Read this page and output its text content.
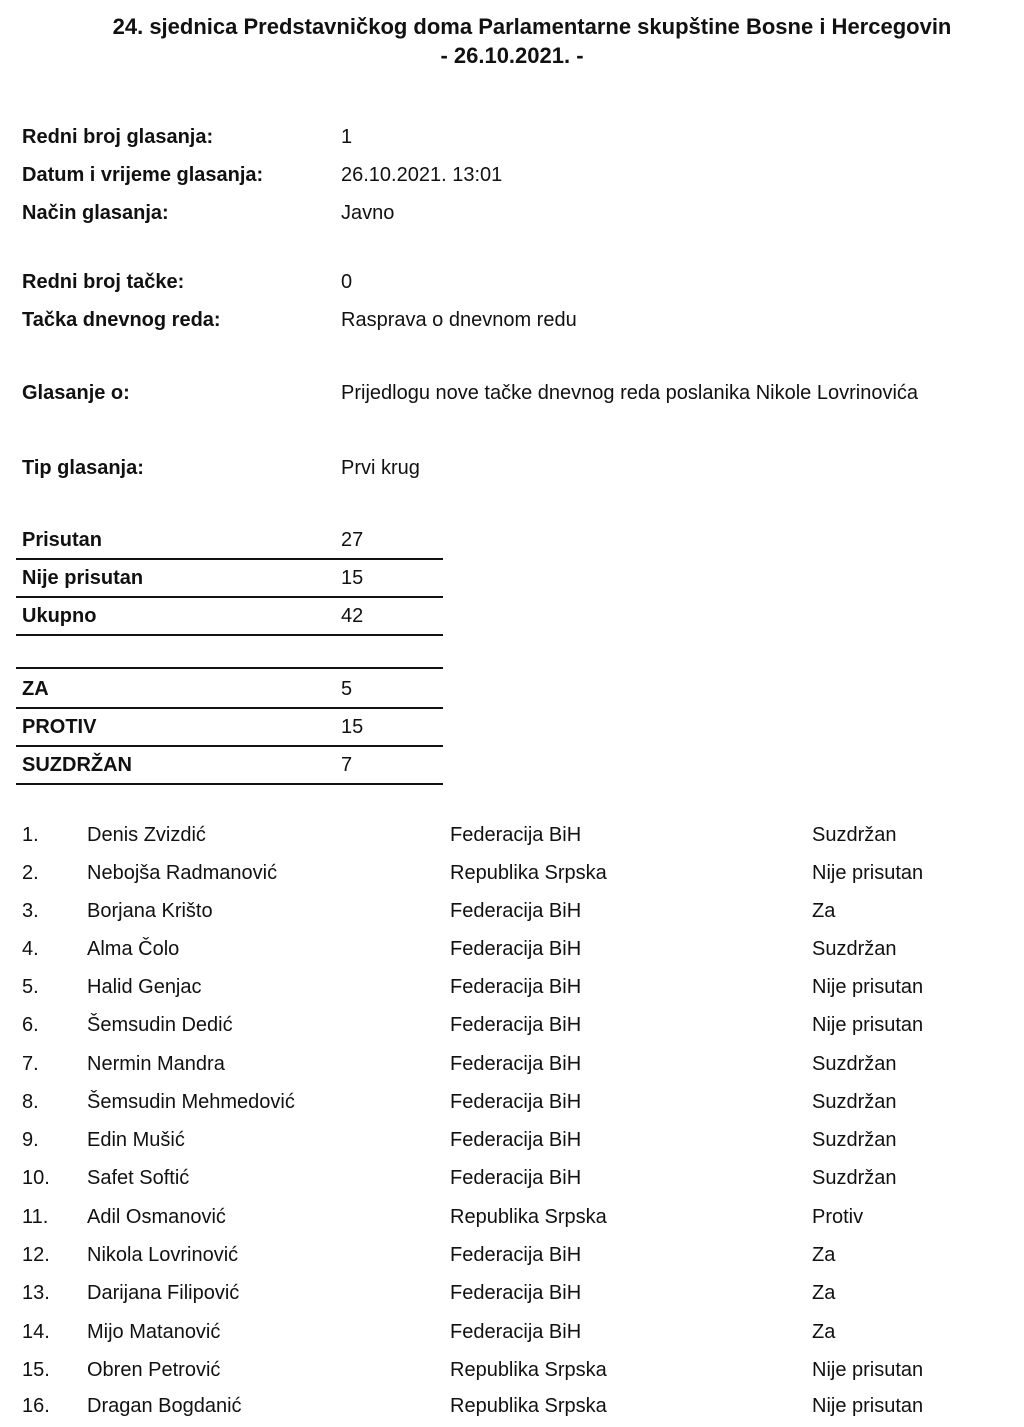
24. sjednica Predstavničkog doma Parlamentarne skupštine Bosne i Hercegovin
- 26.10.2021. -
Redni broj glasanja:	1
Datum i vrijeme glasanja:	26.10.2021. 13:01
Način glasanja:	Javno
Redni broj tačke:	0
Tačka dnevnog reda:	Rasprava o dnevnom redu
Glasanje o:	Prijedlogu nove tačke dnevnog reda poslanika Nikole Lovrinovića
Tip glasanja:	Prvi krug
Prisutan	27
Nije prisutan	15
Ukupno	42
ZA	5
PROTIV	15
SUZDRŽAN	7
1. Denis Zvizdić	Federacija BiH	Suzdržan
2. Nebojša Radmanović	Republika Srpska	Nije prisutan
3. Borjana Krišto	Federacija BiH	Za
4. Alma Čolo	Federacija BiH	Suzdržan
5. Halid Genjac	Federacija BiH	Nije prisutan
6. Šemsudin Dedić	Federacija BiH	Nije prisutan
7. Nermin Mandra	Federacija BiH	Suzdržan
8. Šemsudin Mehmedović	Federacija BiH	Suzdržan
9. Edin Mušić	Federacija BiH	Suzdržan
10. Safet Softić	Federacija BiH	Suzdržan
11. Adil Osmanović	Republika Srpska	Protiv
12. Nikola Lovrinović	Federacija BiH	Za
13. Darijana Filipović	Federacija BiH	Za
14. Mijo Matanović	Federacija BiH	Za
15. Obren Petrović	Republika Srpska	Nije prisutan
16. Dragan Bogdanić	Republika Srpska	Nije prisutan
